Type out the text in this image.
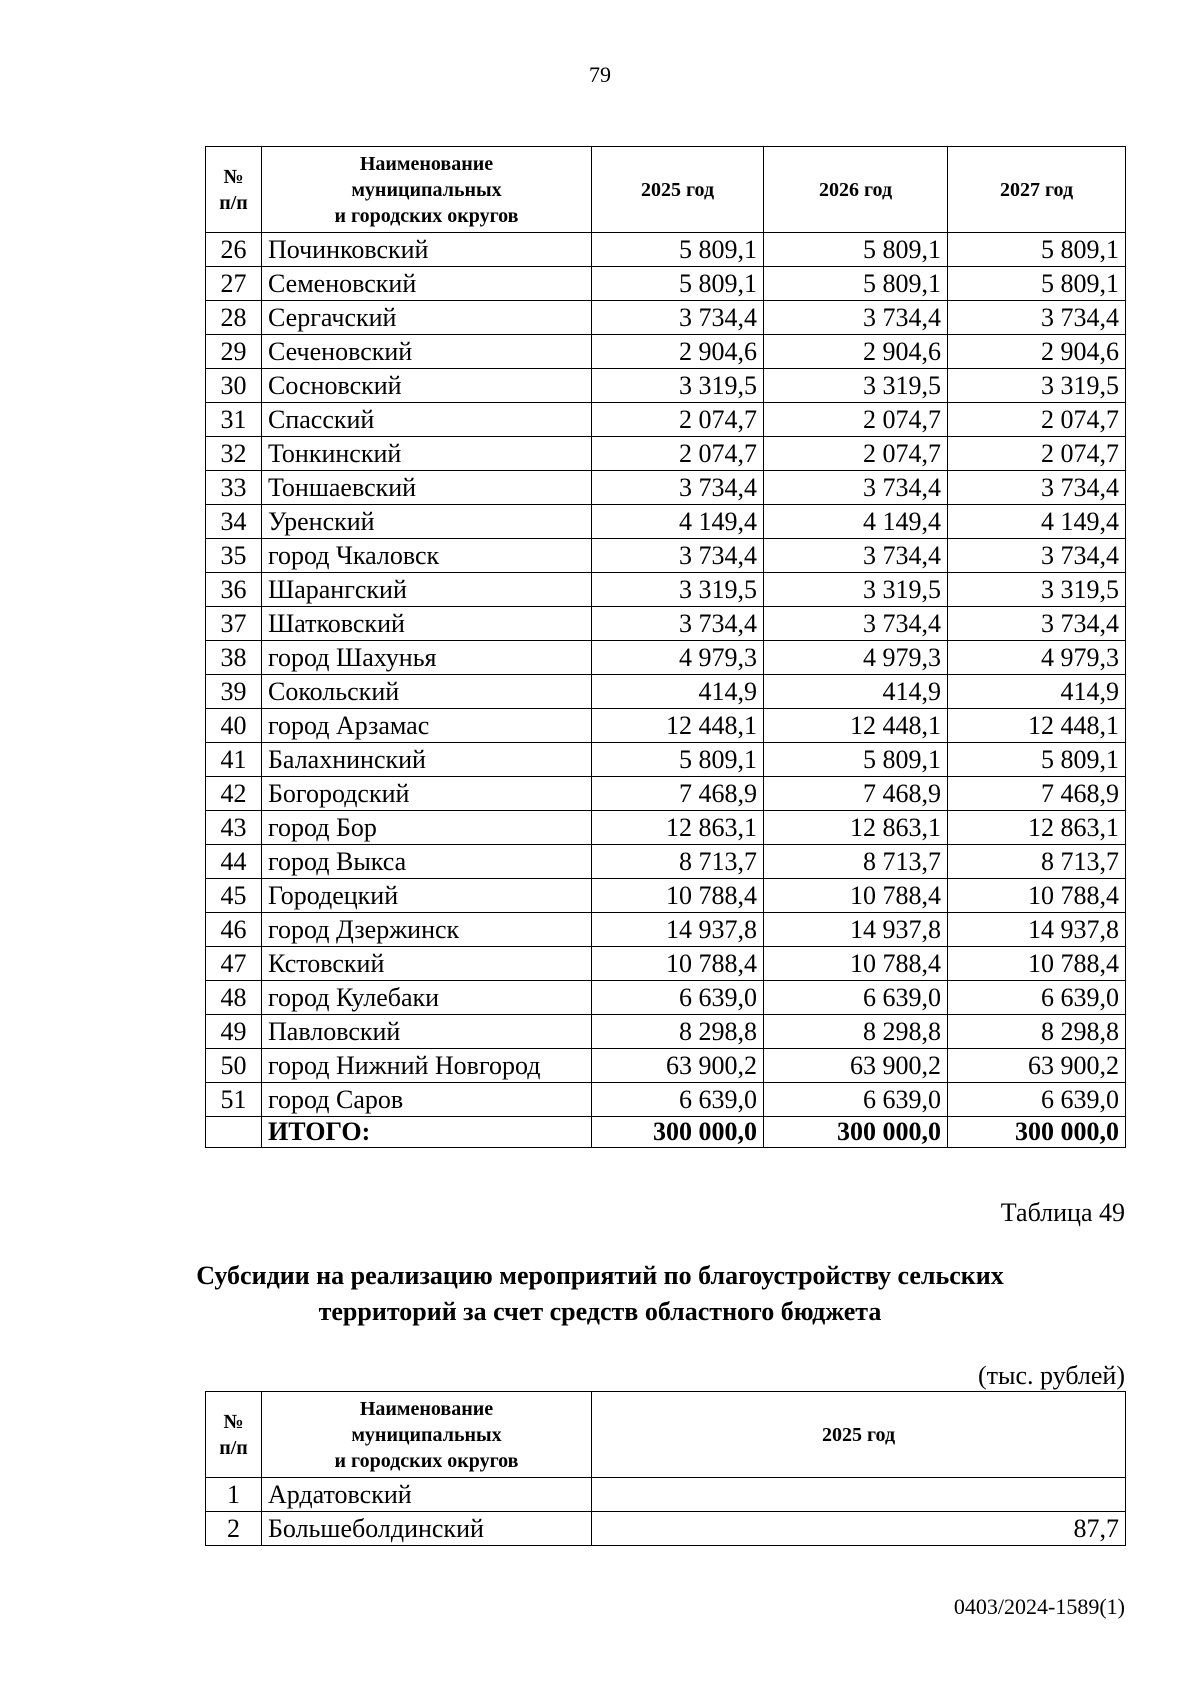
79
№
п/п	Наименование
муниципальных
и городских округов	2025 год	2026 год	2027 год
26	Починковский	5 809,1	5 809,1	5 809,1
27	Семеновский	5 809,1	5 809,1	5 809,1
28	Сергачский	3 734,4	3 734,4	3 734,4
29	Сеченовский	2 904,6	2 904,6	2 904,6
30	Сосновский	3 319,5	3 319,5	3 319,5
31	Спасский	2 074,7	2 074,7	2 074,7
32	Тонкинский	2 074,7	2 074,7	2 074,7
33	Тоншаевский	3 734,4	3 734,4	3 734,4
34	Уренский	4 149,4	4 149,4	4 149,4
35	город Чкаловск	3 734,4	3 734,4	3 734,4
36	Шарангский	3 319,5	3 319,5	3 319,5
37	Шатковский	3 734,4	3 734,4	3 734,4
38	город Шахунья	4 979,3	4 979,3	4 979,3
39	Сокольский	414,9	414,9	414,9
40	город Арзамас	12 448,1	12 448,1	12 448,1
41	Балахнинский	5 809,1	5 809,1	5 809,1
42	Богородский	7 468,9	7 468,9	7 468,9
43	город Бор	12 863,1	12 863,1	12 863,1
44	город Выкса	8 713,7	8 713,7	8 713,7
45	Городецкий	10 788,4	10 788,4	10 788,4
46	город Дзержинск	14 937,8	14 937,8	14 937,8
47	Кстовский	10 788,4	10 788,4	10 788,4
48	город Кулебаки	6 639,0	6 639,0	6 639,0
49	Павловский	8 298,8	8 298,8	8 298,8
50	город Нижний Новгород	63 900,2	63 900,2	63 900,2
51	город Саров	6 639,0	6 639,0	6 639,0
	ИТОГО:	300 000,0	300 000,0	300 000,0
Таблица 49
Субсидии на реализацию мероприятий по благоустройству сельских
территорий за счет средств областного бюджета
(тыс. рублей)
№
п/п	Наименование
муниципальных
и городских округов	2025 год
1	Ардатовский	
2	Большеболдинский	87,7
0403/2024-1589(1)
